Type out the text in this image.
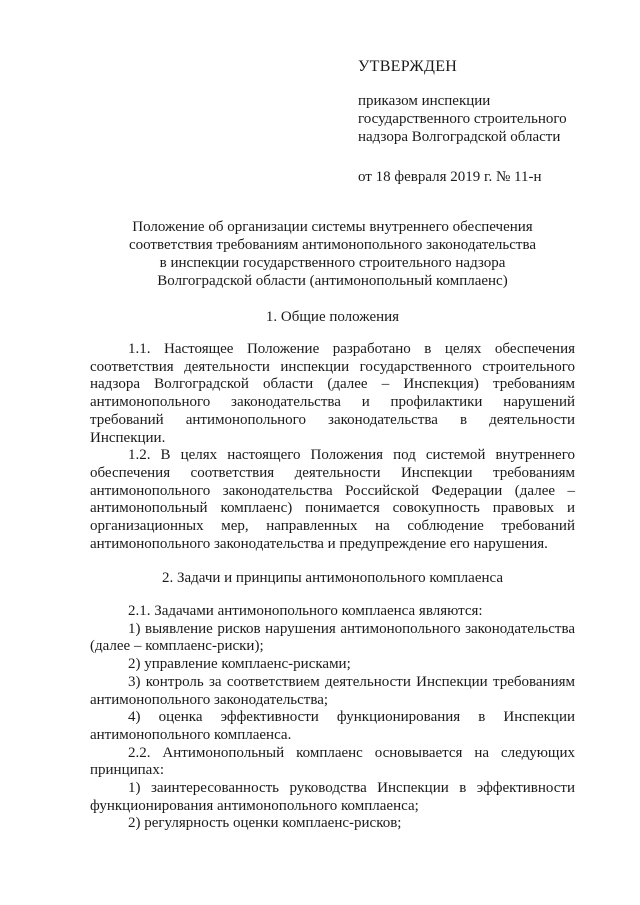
УТВЕРЖДЕН

приказом инспекции
государственного строительного
надзора Волгоградской области

от 18 февраля 2019 г. № 11-н

Положение об организации системы внутреннего обеспечения
соответствия требованиям антимонопольного законодательства
в инспекции государственного строительного надзора
Волгоградской области (антимонопольный комплаенс)
1. Общие положения

1.1. Настоящее Положение разработано в целях обеспечения соответствия деятельности инспекции государственного строительного надзора Волгоградской области (далее – Инспекция) требованиям антимонопольного законодательства и профилактики нарушений требований антимонопольного законодательства в деятельности Инспекции.

1.2. В целях настоящего Положения под системой внутреннего обеспечения соответствия деятельности Инспекции требованиям антимонопольного законодательства Российской Федерации (далее – антимонопольный комплаенс) понимается совокупность правовых и организационных мер, направленных на соблюдение требований антимонопольного законодательства и предупреждение его нарушения.

2. Задачи и принципы антимонопольного комплаенса

2.1. Задачами антимонопольного комплаенса являются:

1) выявление рисков нарушения антимонопольного законодательства (далее – комплаенс-риски);

2) управление комплаенс-рисками;

3) контроль за соответствием деятельности Инспекции требованиям антимонопольного законодательства;

4) оценка эффективности функционирования в Инспекции антимонопольного комплаенса.

2.2. Антимонопольный комплаенс основывается на следующих принципах:

1) заинтересованность руководства Инспекции в эффективности функционирования антимонопольного комплаенса;

2) регулярность оценки комплаенс-рисков;
